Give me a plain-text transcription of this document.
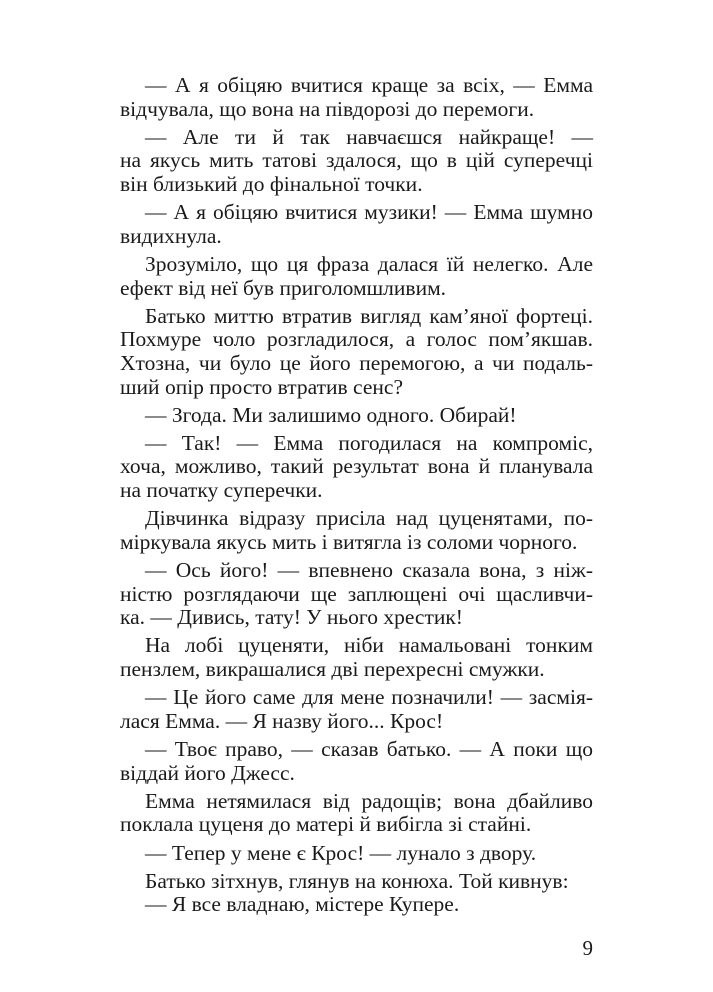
— А я обіцяю вчитися краще за всіх, — Емма
відчувала, що вона на півдорозі до перемоги.

— Але ти й так навчаєшся найкраще! —
на якусь мить татові здалося, що в цій суперечці
він близький до фінальної точки.

— А я обіцяю вчитися музики! — Емма шумно
видихнула.

Зрозуміло, що ця фраза далася їй нелегко. Але
ефект від неї був приголомшливим.

Батько миттю втратив вигляд кам’яної фортеці.
Похмуре чоло розгладилося, а голос пом’якшав.
Хтозна, чи було це його перемогою, а чи подаль-
ший опір просто втратив сенс?

— Згода. Ми залишимо одного. Обирай!

— Так! — Емма погодилася на компроміс,
хоча, можливо, такий результат вона й планувала
на початку суперечки.

Дівчинка відразу присіла над цуценятами, по-
міркувала якусь мить і витягла із соломи чорного.

— Ось його! — впевнено сказала вона, з ніж-
ністю розглядаючи ще заплющені очі щасливчи-
ка. — Дивись, тату! У нього хрестик!

На лобі цуценяти, ніби намальовані тонким
пензлем, викрашалися дві перехресні смужки.

— Це його саме для мене позначили! — засмія-
лася Емма. — Я назву його... Крос!

— Твоє право, — сказав батько. — А поки що
віддай його Джесс.

Емма нетямилася від радощів; вона дбайливо
поклала цуценя до матері й вибігла зі стайні.

— Тепер у мене є Крос! — лунало з двору.

Батько зітхнув, глянув на конюха. Той кивнув:

— Я все владнаю, містере Купере.

9
